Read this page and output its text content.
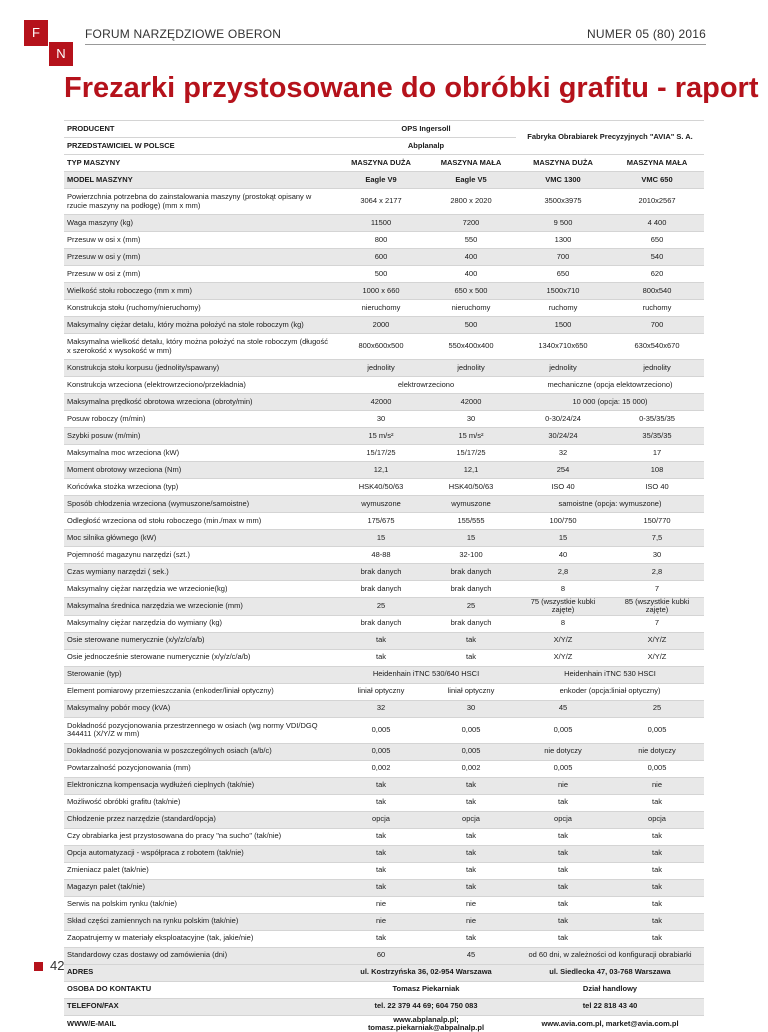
F
N
FORUM NARZĘDZIOWE OBERON	NUMER 05 (80) 2016
Frezarki przystosowane do obróbki grafitu - raport
PRODUCENT	OPS Ingersoll		Fabryka Obrabiarek Precyzyjnych "AVIA" S. A.	
PRZEDSTAWICIEL W POLSCE	Abplanalp			
TYP MASZYNY	MASZYNA DUŻA	MASZYNA MAŁA	MASZYNA DUŻA	MASZYNA MAŁA
MODEL MASZYNY	Eagle V9	Eagle V5	VMC 1300	VMC 650
Powierzchnia potrzebna do zainstalowania maszyny (prostokąt opisany w rzucie maszyny na podłogę) (mm x mm)	3064 x 2177	2800 x 2020	3500x3975	2010x2567
Waga maszyny (kg)	11500	7200	9 500	4 400
Przesuw w osi x (mm)	800	550	1300	650
Przesuw w osi y (mm)	600	400	700	540
Przesuw w osi z (mm)	500	400	650	620
Wielkość stołu roboczego (mm x mm)	1000 x 660	650 x 500	1500x710	800x540
Konstrukcja stołu (ruchomy/nieruchomy)	nieruchomy	nieruchomy	ruchomy	ruchomy
Maksymalny ciężar detalu, który można położyć na stole roboczym (kg)	2000	500	1500	700
Maksymalna wielkość detalu, który można położyć na stole roboczym (długość x szerokość x wysokość w mm)	800x600x500	550x400x400	1340x710x650	630x540x670
Konstrukcja stołu korpusu (jednolity/spawany)	jednolity	jednolity	jednolity	jednolity
Konstrukcja wrzeciona (elektrowrzeciono/przekładnia)	elektrowrzeciono		mechaniczne (opcja elektowrzeciono)	
Maksymalna prędkość obrotowa wrzeciona (obroty/min)	42000	42000	10 000 (opcja: 15 000)	
Posuw roboczy (m/min)	30	30	0-30/24/24	0-35/35/35
Szybki posuw (m/min)	15 m/s²	15 m/s²	30/24/24	35/35/35
Maksymalna moc wrzeciona (kW)	15/17/25	15/17/25	32	17
Moment obrotowy wrzeciona (Nm)	12,1	12,1	254	108
Końcówka stożka wrzeciona (typ)	HSK40/50/63	HSK40/50/63	ISO 40	ISO 40
Sposób chłodzenia wrzeciona (wymuszone/samoistne)	wymuszone	wymuszone	samoistne (opcja: wymuszone)	
Odległość wrzeciona od stołu roboczego (min./max w mm)	175/675	155/555	100/750	150/770
Moc silnika głównego (kW)	15	15	15	7,5
Pojemność magazynu narzędzi (szt.)	48-88	32-100	40	30
Czas wymiany narzędzi ( sek.)	brak danych	brak danych	2,8	2,8
Maksymalny ciężar narzędzia we wrzecionie(kg)	brak danych	brak danych	8	7
Maksymalna średnica narzędzia we wrzecionie (mm)	25	25	75 (wszystkie kubki zajęte)	85 (wszystkie kubki zajęte)
Maksymalny ciężar narzędzia do wymiany (kg)	brak danych	brak danych	8	7
Osie sterowane numerycznie (x/y/z/c/a/b)	tak	tak	X/Y/Z	X/Y/Z
Osie jednocześnie sterowane numerycznie (x/y/z/c/a/b)	tak	tak	X/Y/Z	X/Y/Z
Sterowanie (typ)	Heidenhain iTNC 530/640 HSCI		Heidenhain iTNC 530 HSCI	
Element pomiarowy przemieszczania (enkoder/liniał optyczny)	liniał optyczny	liniał optyczny	enkoder (opcja:liniał optyczny)	
Maksymalny pobór mocy (kVA)	32	30	45	25
Dokładność pozycjonowania przestrzennego w osiach (wg normy VDI/DGQ 344411 (X/Y/Z w mm)	0,005	0,005	0,005	0,005
Dokładność pozycjonowania w poszczególnych osiach (a/b/c)	0,005	0,005	nie dotyczy	nie dotyczy
Powtarzalność pozycjonowania (mm)	0,002	0,002	0,005	0,005
Elektroniczna kompensacja wydłużeń cieplnych (tak/nie)	tak	tak	nie	nie
Możliwość obróbki grafitu (tak/nie)	tak	tak	tak	tak
Chłodzenie przez narzędzie (standard/opcja)	opcja	opcja	opcja	opcja
Czy obrabiarka jest przystosowana do pracy "na sucho" (tak/nie)	tak	tak	tak	tak
Opcja automatyzacji - współpraca z robotem (tak/nie)	tak	tak	tak	tak
Zmieniacz palet (tak/nie)	tak	tak	tak	tak
Magazyn palet (tak/nie)	tak	tak	tak	tak
Serwis na polskim rynku (tak/nie)	nie	nie	tak	tak
Skład części zamiennych na rynku polskim (tak/nie)	nie	nie	tak	tak
Zaopatrujemy w materiały eksploatacyjne (tak, jakie/nie)	tak	tak	tak	tak
Standardowy czas dostawy od zamówienia (dni)	60	45	od 60 dni, w zależności od konfiguracji obrabiarki	
ADRES	ul. Kostrzyńska 36, 02-954 Warszawa		ul. Siedlecka 47, 03-768 Warszawa	
OSOBA DO KONTAKTU	Tomasz Piekarniak		Dział handlowy	
TELEFON/FAX	tel. 22 379 44 69; 604 750 083		tel 22 818 43 40	
WWW/E-MAIL	www.abplanalp.pl; tomasz.piekarniak@abpalnalp.pl		www.avia.com.pl, market@avia.com.pl	
42
